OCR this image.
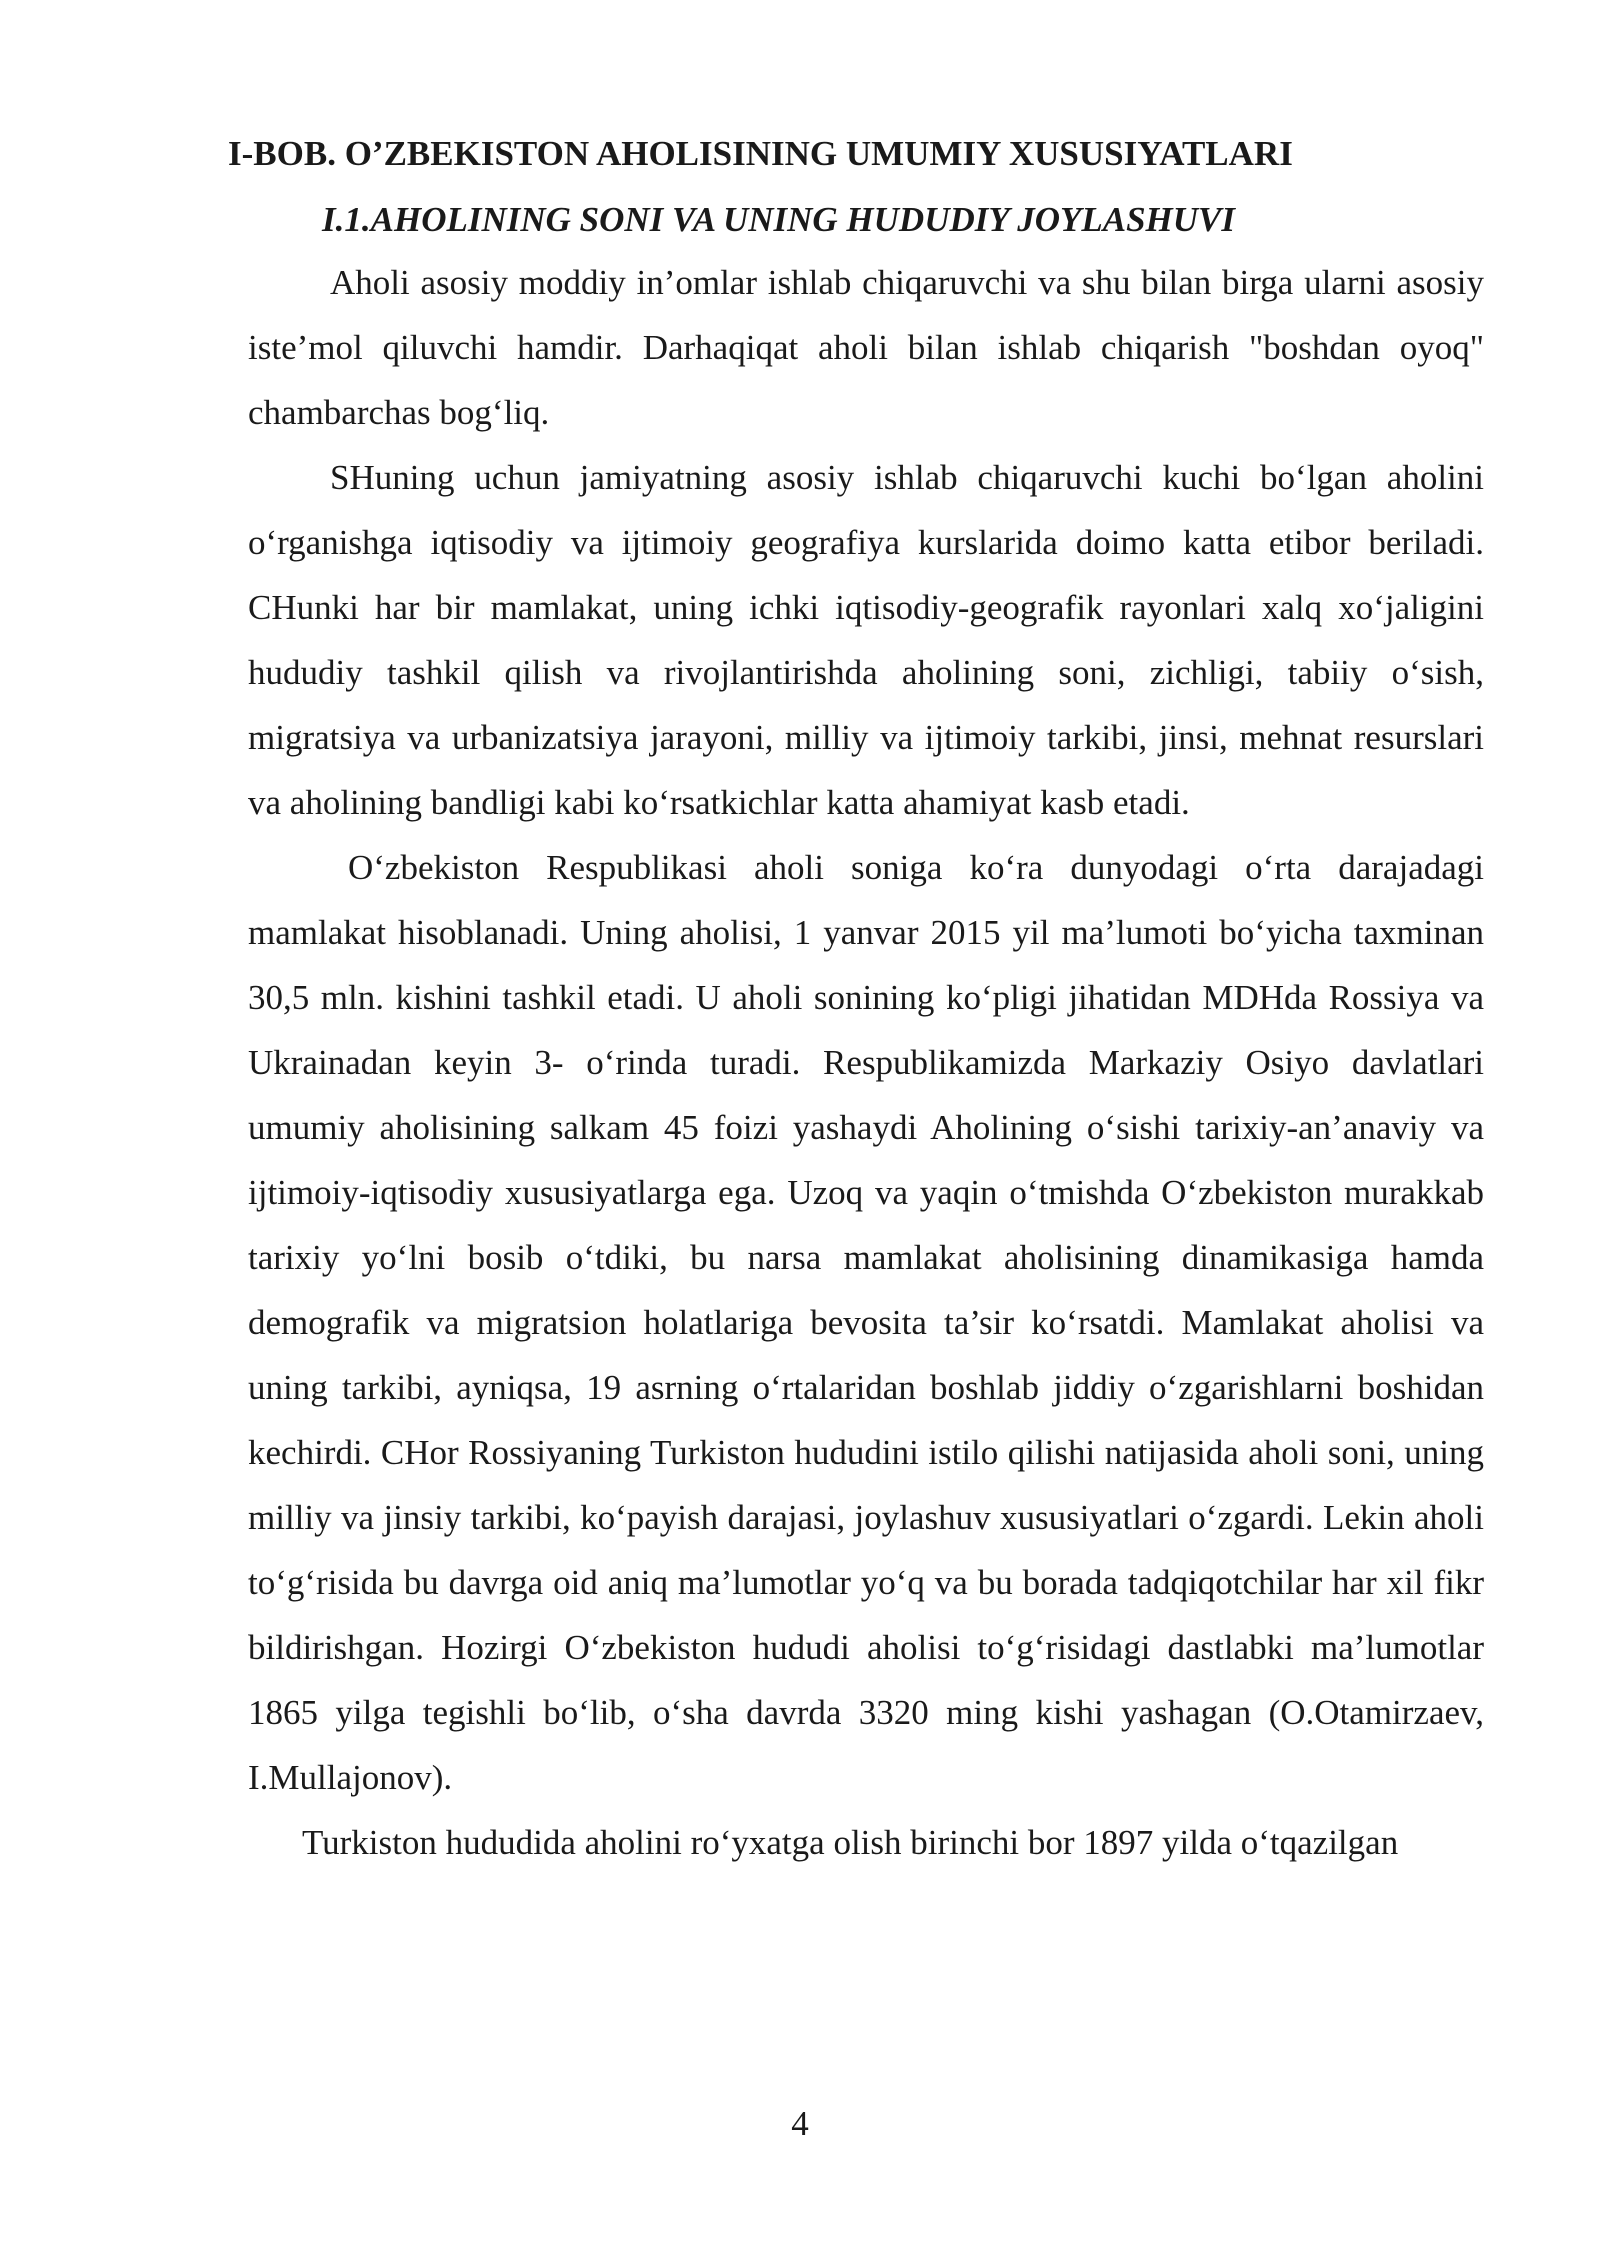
I-BOB. O’ZBEKISTON AHOLISINING UMUMIY XUSUSIYATLARI
I.1.AHOLINING SONI VA UNING HUDUDIY JOYLASHUVI

Aholi asosiy moddiy in’omlar ishlab chiqaruvchi va shu bilan birga ularni asosiy iste’mol qiluvchi hamdir. Darhaqiqat aholi bilan ishlab chiqarish "boshdan oyoq" chambarchas bog‘liq.

SHuning uchun jamiyatning asosiy ishlab chiqaruvchi kuchi bo‘lgan aholini o‘rganishga iqtisodiy va ijtimoiy geografiya kurslarida doimo katta etibor beriladi. CHunki har bir mamlakat, uning ichki iqtisodiy-geografik rayonlari xalq xo‘jaligini hududiy tashkil qilish va rivojlantirishda aholining soni, zichligi, tabiiy o‘sish, migratsiya va urbanizatsiya jarayoni, milliy va ijtimoiy tarkibi, jinsi, mehnat resurslari va aholining bandligi kabi ko‘rsatkichlar katta ahamiyat kasb etadi.

O‘zbekiston Respublikasi aholi soniga ko‘ra dunyodagi o‘rta darajadagi mamlakat hisoblanadi. Uning aholisi, 1 yanvar 2015 yil ma’lumoti bo‘yicha taxminan 30,5 mln. kishini tashkil etadi. U aholi sonining ko‘pligi jihatidan MDHda Rossiya va Ukrainadan keyin 3- o‘rinda turadi. Respublikamizda Markaziy Osiyo davlatlari umumiy aholisining salkam 45 foizi yashaydi Aholining o‘sishi tarixiy-an’anaviy va ijtimoiy-iqtisodiy xususiyatlarga ega. Uzoq va yaqin o‘tmishda O‘zbekiston murakkab tarixiy yo‘lni bosib o‘tdiki, bu narsa mamlakat aholisining dinamikasiga hamda demografik va migratsion holatlariga bevosita ta’sir ko‘rsatdi. Mamlakat aholisi va uning tarkibi, ayniqsa, 19 asrning o‘rtalaridan boshlab jiddiy o‘zgarishlarni boshidan kechirdi. CHor Rossiyaning Turkiston hududini istilo qilishi natijasida aholi soni, uning milliy va jinsiy tarkibi, ko‘payish darajasi, joylashuv xususiyatlari o‘zgardi. Lekin aholi to‘g‘risida bu davrga oid aniq ma’lumotlar yo‘q va bu borada tadqiqotchilar har xil fikr bildirishgan. Hozirgi O‘zbekiston hududi aholisi to‘g‘risidagi dastlabki ma’lumotlar 1865 yilga tegishli bo‘lib, o‘sha davrda 3320 ming kishi yashagan (O.Otamirzaev, I.Mullajonov).

Turkiston hududida aholini ro‘yxatga olish birinchi bor 1897 yilda o‘tqazilgan

4
